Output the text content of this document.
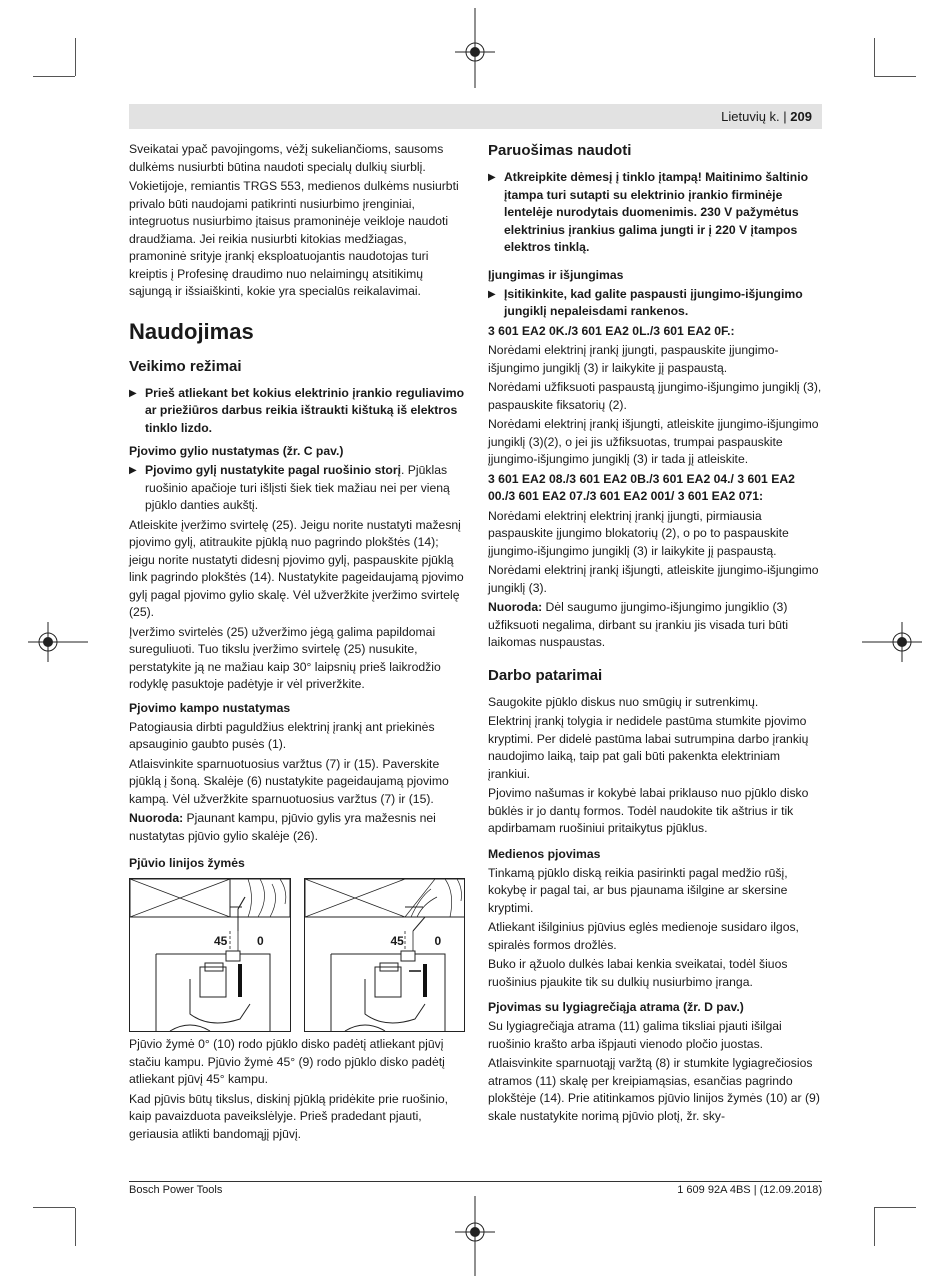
Lietuvių k. | 209

Sveikatai ypač pavojingoms, vėžį sukeliančioms, sausoms dulkėms nusiurbti būtina naudoti specialų dulkių siurblį.

Vokietijoje, remiantis TRGS 553, medienos dulkėms nusiurbti privalo būti naudojami patikrinti nusiurbimo įrenginiai, integruotus nusiurbimo įtaisus pramoninėje veikloje naudoti draudžiama. Jei reikia nusiurbti kitokias medžiagas, pramoninė srityje įrankį eksploatuojantis naudotojas turi kreiptis į Profesinę draudimo nuo nelaimingų atsitikimų sąjungą ir išsiaiškinti, kokie yra specialūs reikalavimai.

Naudojimas
Veikimo režimai
▶ Prieš atliekant bet kokius elektrinio įrankio reguliavimo ar priežiūros darbus reikia ištraukti kištuką iš elektros tinklo lizdo.
Pjovimo gylio nustatymas (žr. C pav.)
▶ Pjovimo gylį nustatykite pagal ruošinio storį. Pjūklas ruošinio apačioje turi išlįsti šiek tiek mažiau nei per vieną pjūklo danties aukštį.

Atleiskite įveržimo svirtelę (25). Jeigu norite nustatyti mažesnį pjovimo gylį, atitraukite pjūklą nuo pagrindo plokštės (14); jeigu norite nustatyti didesnį pjovimo gylį, paspauskite pjūklą link pagrindo plokštės (14). Nustatykite pageidaujamą pjovimo gylį pagal pjovimo gylio skalę. Vėl užveržkite įveržimo svirtelę (25).

Įveržimo svirtelės (25) užveržimo jėgą galima papildomai sureguliuoti. Tuo tikslu įveržimo svirtelę (25) nusukite, perstatykite ją ne mažiau kaip 30° laipsnių prieš laikrodžio rodyklę pasuktoje padėtyje ir vėl priveržkite.

Pjovimo kampo nustatymas

Patogiausia dirbti paguldžius elektrinį įrankį ant priekinės apsauginio gaubto pusės (1).

Atlaisvinkite sparnuotuosius varžtus (7) ir (15). Paverskite pjūklą į šoną. Skalėje (6) nustatykite pageidaujamą pjovimo kampą. Vėl užveržkite sparnuotuosius varžtus (7) ir (15).

Nuoroda: Pjaunant kampu, pjūvio gylis yra mažesnis nei nustatytas pjūvio gylio skalėje (26).

Pjūvio linijos žymės
45 0	45	0

Pjūvio žymė 0° (10) rodo pjūklo disko padėtį atliekant pjūvį stačiu kampu. Pjūvio žymė 45° (9) rodo pjūklo disko padėtį atliekant pjūvį 45° kampu.

Kad pjūvis būtų tikslus, diskinį pjūklą pridėkite prie ruošinio, kaip pavaizduota paveikslėlyje. Prieš pradedant pjauti, geriausia atlikti bandomąjį pjūvį.

Paruošimas naudoti
▶ Atkreipkite dėmesį į tinklo įtampą! Maitinimo šaltinio įtampa turi sutapti su elektrinio įrankio firminėje lentelėje nurodytais duomenimis. 230 V pažymėtus elektrinius įrankius galima jungti ir į 220 V įtampos elektros tinklą.
Įjungimas ir išjungimas
▶ Įsitikinkite, kad galite paspausti įjungimo-išjungimo jungiklį nepaleisdami rankenos.

3 601 EA2 0K./3 601 EA2 0L./3 601 EA2 0F.:

Norėdami elektrinį įrankį įjungti, paspauskite įjungimo-išjungimo jungiklį (3) ir laikykite jį paspaustą.

Norėdami užfiksuoti paspaustą įjungimo-išjungimo jungiklį (3), paspauskite fiksatorių (2).

Norėdami elektrinį įrankį išjungti, atleiskite įjungimo-išjungimo jungiklį (3)(2), o jei jis užfiksuotas, trumpai paspauskite įjungimo-išjungimo jungiklį (3) ir tada jį atleiskite.

3 601 EA2 08./3 601 EA2 0B./3 601 EA2 04./ 3 601 EA2 00./3 601 EA2 07./3 601 EA2 001/ 3 601 EA2 071:

Norėdami elektrinį elektrinį įrankį įjungti, pirmiausia paspauskite įjungimo blokatorių (2), o po to paspauskite įjungimo-išjungimo jungiklį (3) ir laikykite jį paspaustą.

Norėdami elektrinį įrankį išjungti, atleiskite įjungimo-išjungimo jungiklį (3).

Nuoroda: Dėl saugumo įjungimo-išjungimo jungiklio (3) užfiksuoti negalima, dirbant su įrankiu jis visada turi būti laikomas nuspaustas.

Darbo patarimai

Saugokite pjūklo diskus nuo smūgių ir sutrenkimų.

Elektrinį įrankį tolygia ir nedidele pastūma stumkite pjovimo kryptimi. Per didelė pastūma labai sutrumpina darbo įrankių naudojimo laiką, taip pat gali būti pakenkta elektriniam įrankiui.

Pjovimo našumas ir kokybė labai priklauso nuo pjūklo disko būklės ir jo dantų formos. Todėl naudokite tik aštrius ir tik apdirbamam ruošiniui pritaikytus pjūklus.

Medienos pjovimas

Tinkamą pjūklo diską reikia pasirinkti pagal medžio rūšį, kokybę ir pagal tai, ar bus pjaunama išilgine ar skersine kryptimi.

Atliekant išilginius pjūvius eglės medienoje susidaro ilgos, spiralės formos drožlės.

Buko ir ąžuolo dulkės labai kenkia sveikatai, todėl šiuos ruošinius pjaukite tik su dulkių nusiurbimo įranga.

Pjovimas su lygiagrečiąja atrama (žr. D pav.)

Su lygiagrečiąja atrama (11) galima tiksliai pjauti išilgai ruošinio krašto arba išpjauti vienodo pločio juostas.

Atlaisvinkite sparnuotąjį varžtą (8) ir stumkite lygiagrečiosios atramos (11) skalę per kreipiamąsias, esančias pagrindo plokštėje (14). Prie atitinkamos pjūvio linijos žymės (10) ar (9) skale nustatykite norimą pjūvio plotį, žr. sky-

Bosch Power Tools	1 609 92A 4BS | (12.09.2018)
